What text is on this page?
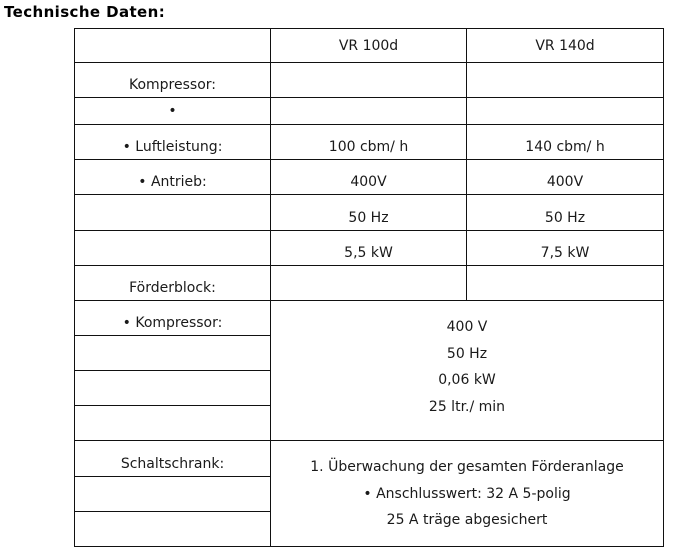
Technische Daten:
	VR 100d	VR 140d
Kompressor:		
•		
• Luftleistung:	100 cbm/ h	140 cbm/ h
• Antrieb:	400V	400V
	50 Hz	50 Hz
	5,5 kW	7,5 kW
Förderblock:		
• Kompressor:	400 V
50 Hz
0,06 kW
25 ltr./ min	

Schaltschrank:	1. Überwachung der gesamten Förderanlage
• Anschlusswert: 32 A 5-polig
25 A träge abgesichert	
